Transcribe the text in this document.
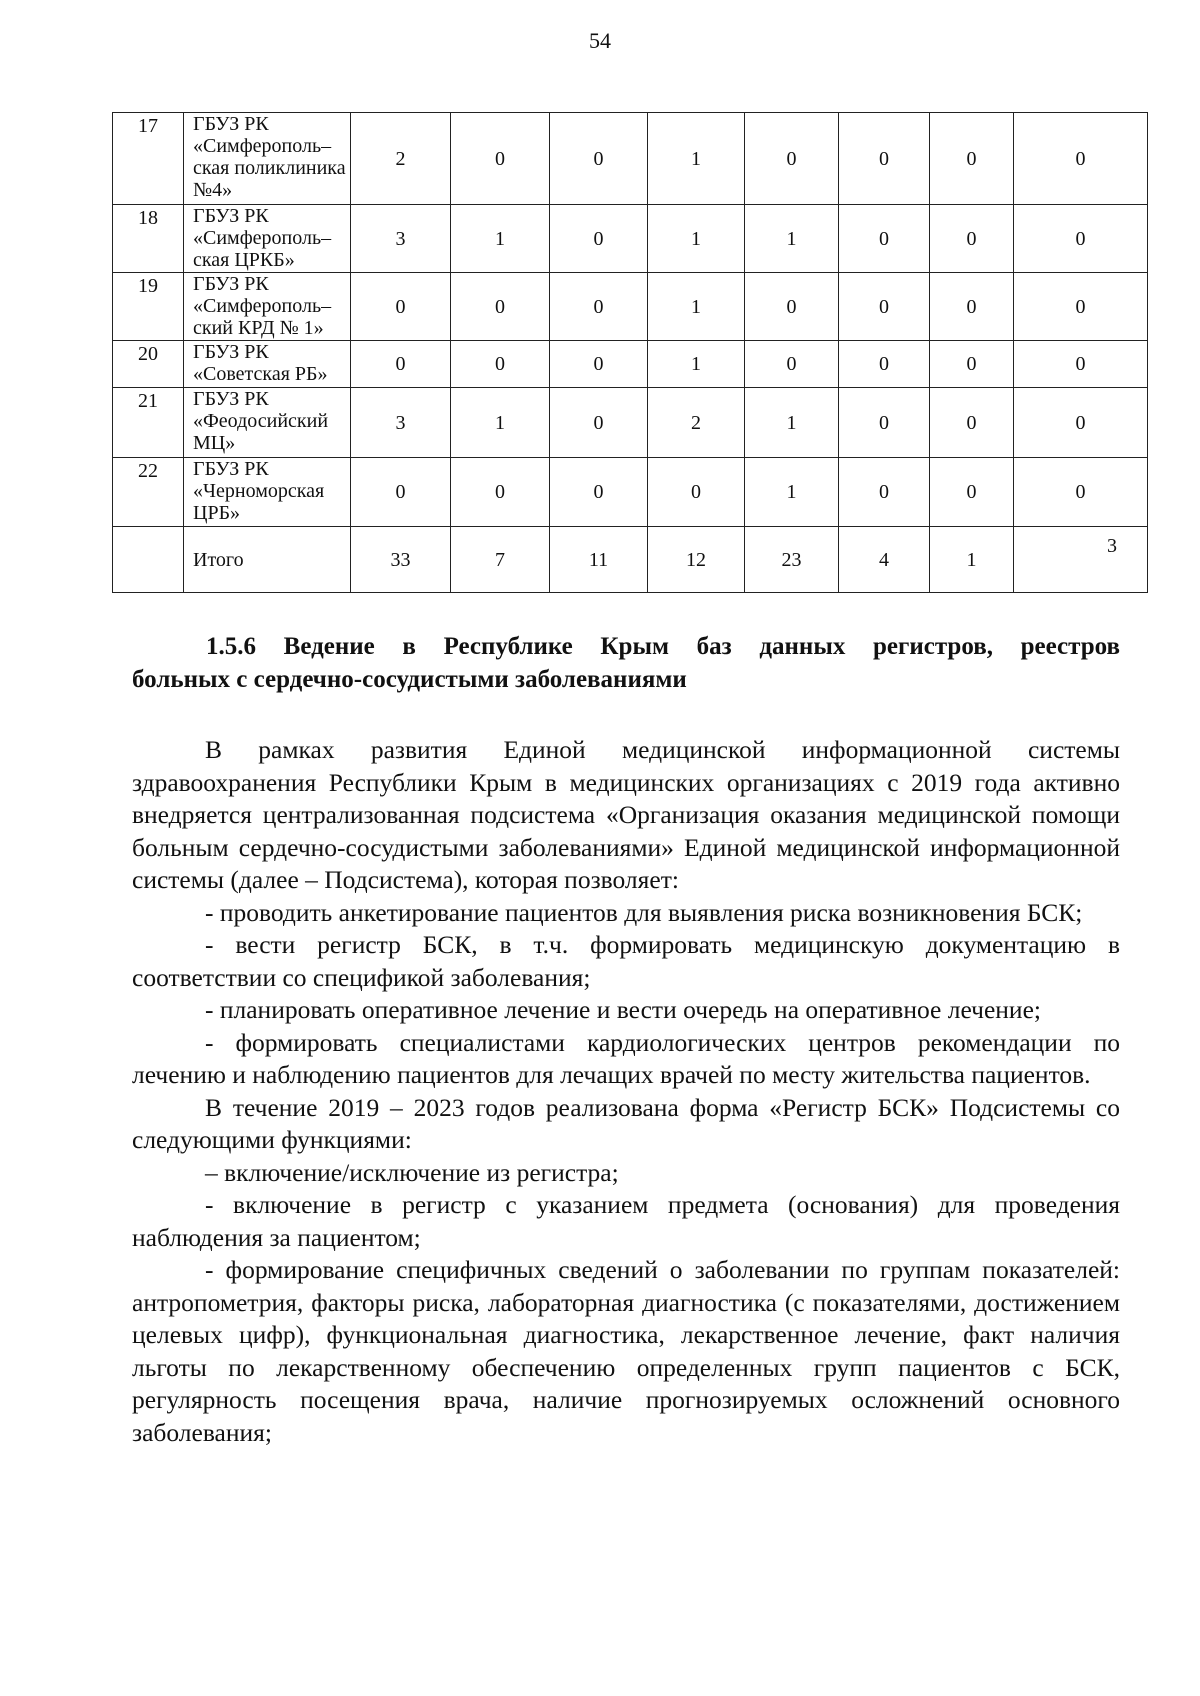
54
17	ГБУЗ РК
«Симферополь–
ская поликлиника
№4»	2	0	0	1	0	0	0	0
18	ГБУЗ РК
«Симферополь–
ская ЦРКБ»	3	1	0	1	1	0	0	0
19	ГБУЗ РК
«Симферополь–
ский КРД № 1»	0	0	0	1	0	0	0	0
20	ГБУЗ РК
«Советская РБ»	0	0	0	1	0	0	0	0
21	ГБУЗ РК
«Феодосийский
МЦ»	3	1	0	2	1	0	0	0
22	ГБУЗ РК
«Черноморская
ЦРБ»	0	0	0	0	1	0	0	0
	Итого	33	7	11	12	23	4	1	3
1.5.6 Ведение в Республике Крым баз данных регистров, реестров
больных с сердечно-сосудистыми заболеваниями

В рамках развития Единой медицинской информационной системы здравоохранения Республики Крым в медицинских организациях с 2019 года активно внедряется централизованная подсистема «Организация оказания медицинской помощи больным сердечно-сосудистыми заболеваниями» Единой медицинской информационной системы (далее – Подсистема), которая позволяет:

- проводить анкетирование пациентов для выявления риска возникновения БСК;

- вести регистр БСК, в т.ч. формировать медицинскую документацию в соответствии со спецификой заболевания;

- планировать оперативное лечение и вести очередь на оперативное лечение;

- формировать специалистами кардиологических центров рекомендации по лечению и наблюдению пациентов для лечащих врачей по месту жительства пациентов.

В течение 2019 – 2023 годов реализована форма «Регистр БСК» Подсистемы со следующими функциями:

– включение/исключение из регистра;

- включение в регистр с указанием предмета (основания) для проведения наблюдения за пациентом;

- формирование специфичных сведений о заболевании по группам показателей: антропометрия, факторы риска, лабораторная диагностика (с показателями, достижением целевых цифр), функциональная диагностика, лекарственное лечение, факт наличия льготы по лекарственному обеспечению определенных групп пациентов с БСК, регулярность посещения врача, наличие прогнозируемых осложнений основного заболевания;
